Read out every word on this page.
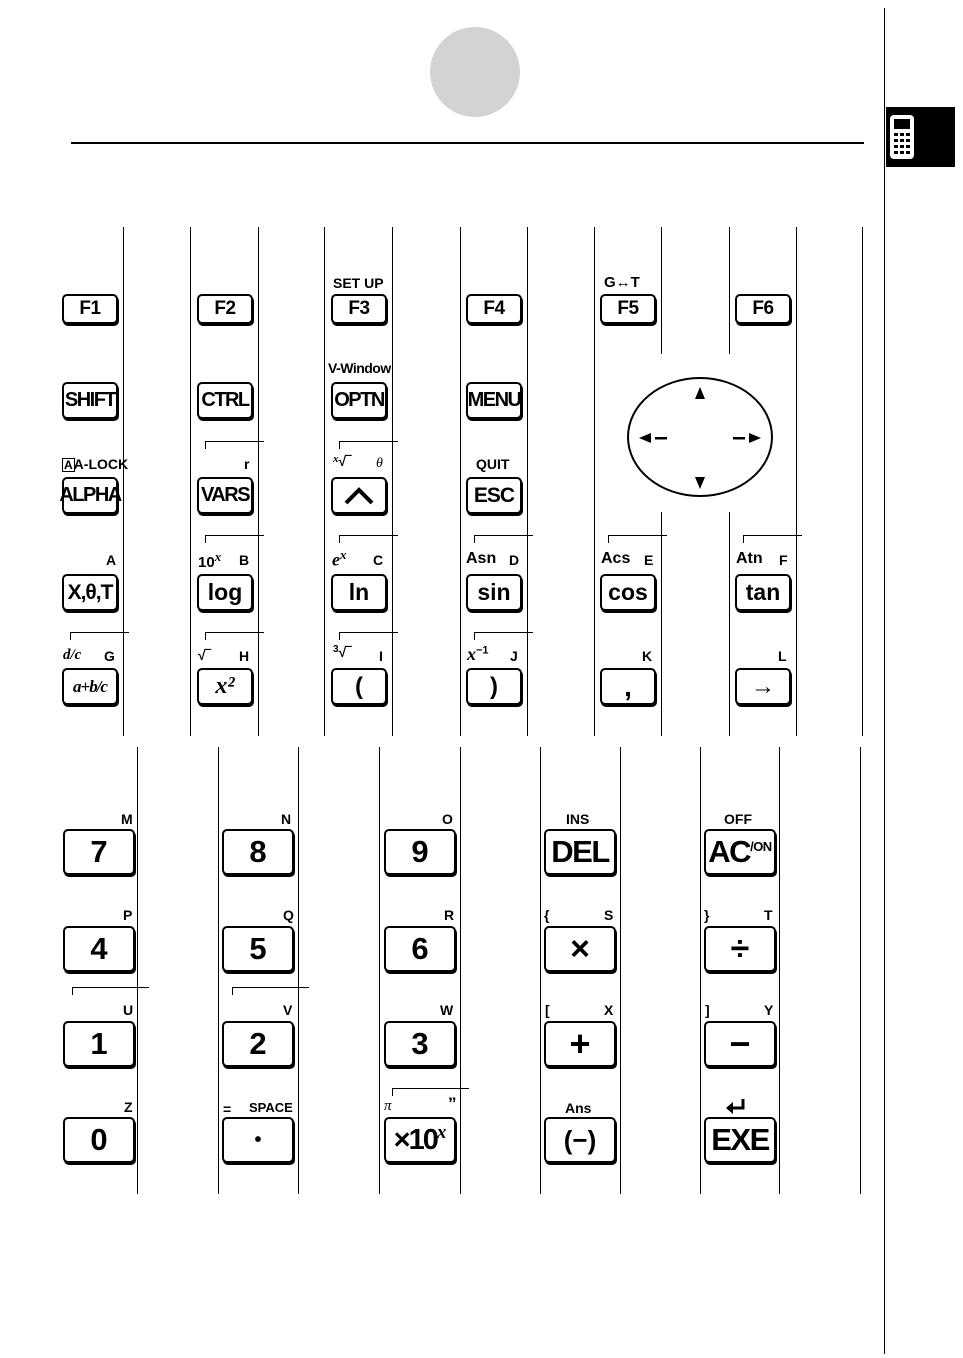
SET UP	G↔T
F1	F2	F3	F4	F5	F6
V-Window
SHIFT	CTRL	OPTN	MENU
AA-LOCK	r	$^x$√‾ θ	QUIT
ALPHA	VARS	ESC
A	10$^x$ B	$e^x$ C	Asn D	Acs E	Atn F
X,θ,T	log	ln	sin	cos	tan
d/c G	√‾ H	$^3$√‾ I	$x^{-1}$ J	K	L
a+b/c	x²	(	)	,	→
M	N	O	INS	OFF
7	8	9	DEL	$AC^{/ON}$
P	Q	R	{	S	}	T
4	5	6	×	÷
U	V	W	[	X	]	Y
1	2	3	+	−
Z	= SPACE	π	”	Ans
0	•	×10 x	(−)	EXE
